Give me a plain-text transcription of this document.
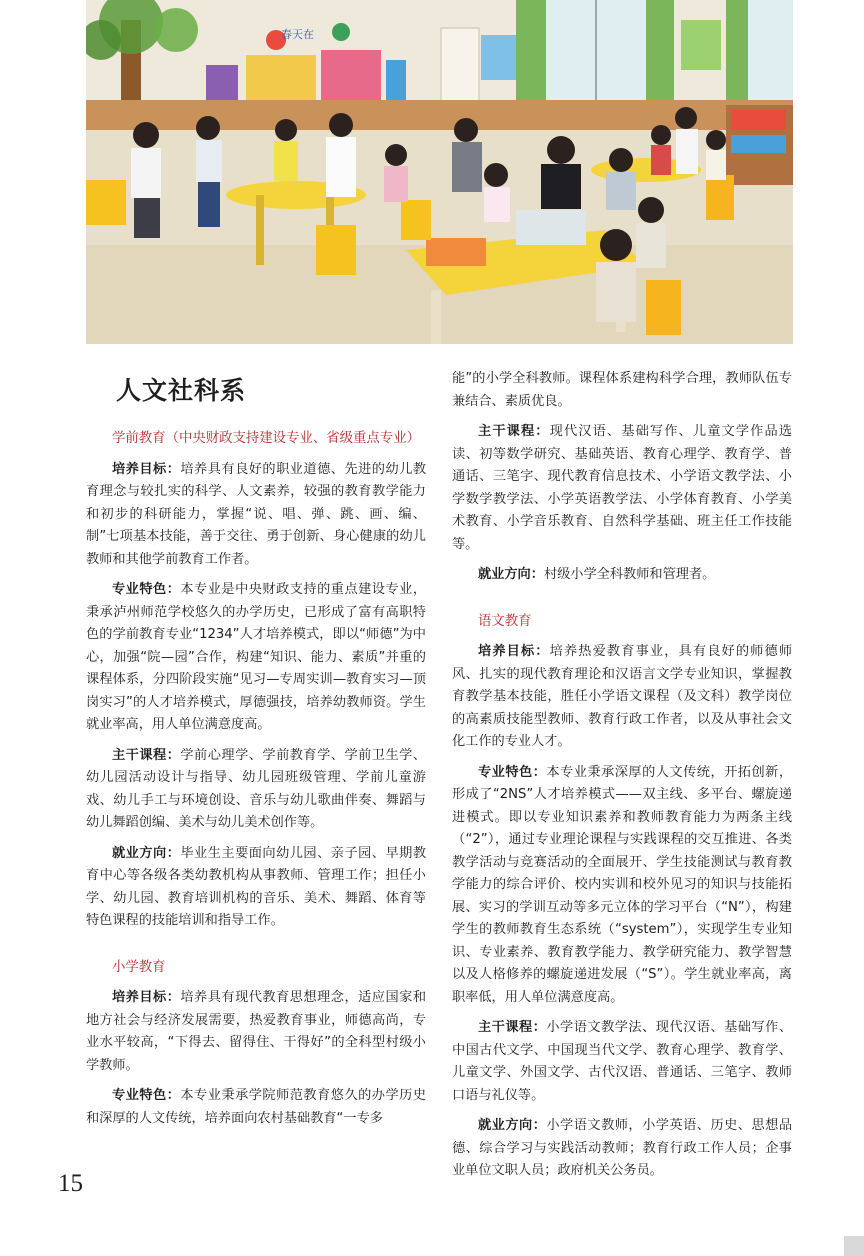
春天在
人文社科系
学前教育（中央财政支持建设专业、省级重点专业）

培养目标：培养具有良好的职业道德、先进的幼儿教育理念与较扎实的科学、人文素养，较强的教育教学能力和初步的科研能力，掌握“说、唱、弹、跳、画、编、制”七项基本技能，善于交往、勇于创新、身心健康的幼儿教师和其他学前教育工作者。

专业特色：本专业是中央财政支持的重点建设专业，秉承泸州师范学校悠久的办学历史，已形成了富有高职特色的学前教育专业“1234”人才培养模式，即以“师德”为中心，加强“院—园”合作，构建“知识、能力、素质”并重的课程体系，分四阶段实施“见习—专周实训—教育实习—顶岗实习”的人才培养模式，厚德强技，培养幼教师资。学生就业率高，用人单位满意度高。

主干课程：学前心理学、学前教育学、学前卫生学、幼儿园活动设计与指导、幼儿园班级管理、学前儿童游戏、幼儿手工与环境创设、音乐与幼儿歌曲伴奏、舞蹈与幼儿舞蹈创编、美术与幼儿美术创作等。

就业方向：毕业生主要面向幼儿园、亲子园、早期教育中心等各级各类幼教机构从事教师、管理工作；担任小学、幼儿园、教育培训机构的音乐、美术、舞蹈、体育等特色课程的技能培训和指导工作。

小学教育

培养目标：培养具有现代教育思想理念，适应国家和地方社会与经济发展需要，热爱教育事业，师德高尚，专业水平较高，“下得去、留得住、干得好”的全科型村级小学教师。

专业特色：本专业秉承学院师范教育悠久的办学历史和深厚的人文传统，培养面向农村基础教育“一专多

能”的小学全科教师。课程体系建构科学合理，教师队伍专兼结合、素质优良。

主干课程：现代汉语、基础写作、儿童文学作品选读、初等数学研究、基础英语、教育心理学、教育学、普通话、三笔字、现代教育信息技术、小学语文教学法、小学数学教学法、小学英语教学法、小学体育教育、小学美术教育、小学音乐教育、自然科学基础、班主任工作技能等。

就业方向：村级小学全科教师和管理者。

语文教育

培养目标：培养热爱教育事业，具有良好的师德师风、扎实的现代教育理论和汉语言文学专业知识，掌握教育教学基本技能，胜任小学语文课程（及文科）教学岗位的高素质技能型教师、教育行政工作者，以及从事社会文化工作的专业人才。

专业特色：本专业秉承深厚的人文传统，开拓创新，形成了“2NS”人才培养模式——双主线、多平台、螺旋递进模式。即以专业知识素养和教师教育能力为两条主线（“2”），通过专业理论课程与实践课程的交互推进、各类教学活动与竞赛活动的全面展开、学生技能测试与教育教学能力的综合评价、校内实训和校外见习的知识与技能拓展、实习的学训互动等多元立体的学习平台（“N”），构建学生的教师教育生态系统（“system”），实现学生专业知识、专业素养、教育教学能力、教学研究能力、教学智慧以及人格修养的螺旋递进发展（“S”）。学生就业率高，离职率低，用人单位满意度高。

主干课程：小学语文教学法、现代汉语、基础写作、中国古代文学、中国现当代文学、教育心理学、教育学、儿童文学、外国文学、古代汉语、普通话、三笔字、教师口语与礼仪等。

就业方向：小学语文教师，小学英语、历史、思想品德、综合学习与实践活动教师；教育行政工作人员；企事业单位文职人员；政府机关公务员。

15
